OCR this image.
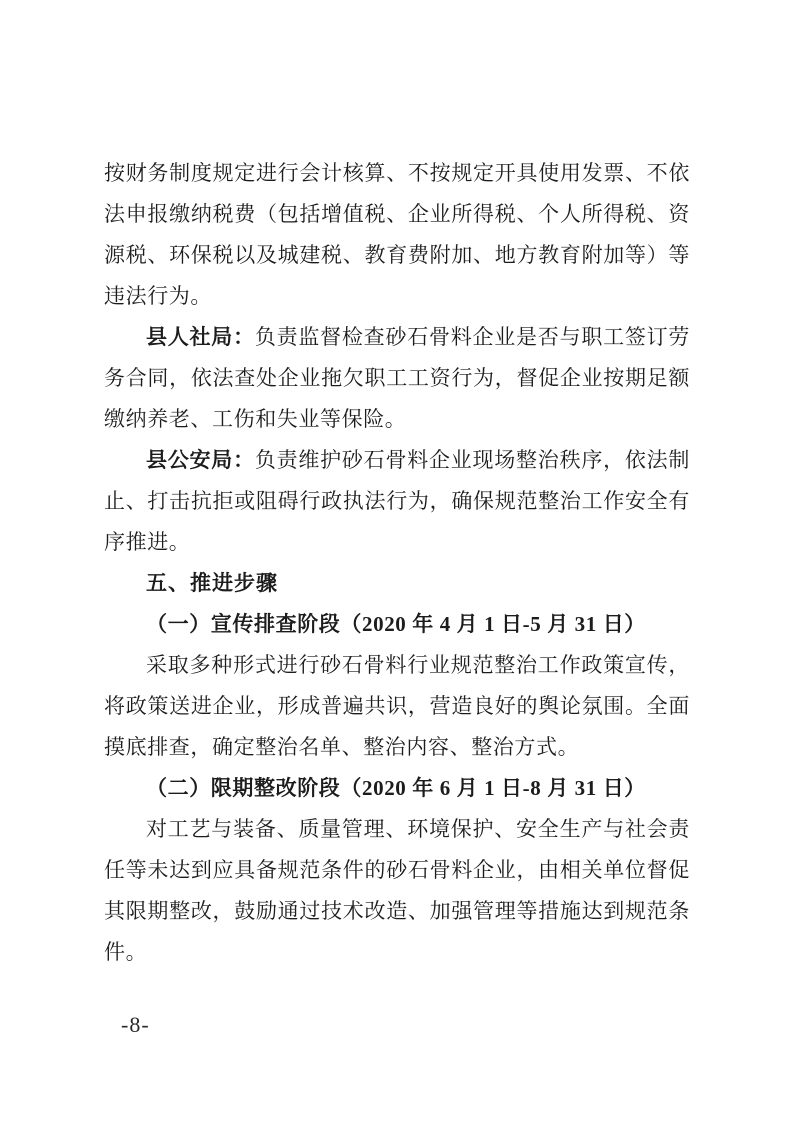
按财务制度规定进行会计核算、不按规定开具使用发票、不依法申报缴纳税费（包括增值税、企业所得税、个人所得税、资源税、环保税以及城建税、教育费附加、地方教育附加等）等违法行为。

县人社局：负责监督检查砂石骨料企业是否与职工签订劳务合同，依法查处企业拖欠职工工资行为，督促企业按期足额缴纳养老、工伤和失业等保险。

县公安局：负责维护砂石骨料企业现场整治秩序，依法制止、打击抗拒或阻碍行政执法行为，确保规范整治工作安全有序推进。

五、推进步骤
（一）宣传排查阶段（2020 年 4 月 1 日-5 月 31 日）

采取多种形式进行砂石骨料行业规范整治工作政策宣传，将政策送进企业，形成普遍共识，营造良好的舆论氛围。全面摸底排查，确定整治名单、整治内容、整治方式。

（二）限期整改阶段（2020 年 6 月 1 日-8 月 31 日）

对工艺与装备、质量管理、环境保护、安全生产与社会责任等未达到应具备规范条件的砂石骨料企业，由相关单位督促其限期整改，鼓励通过技术改造、加强管理等措施达到规范条件。

-8-
